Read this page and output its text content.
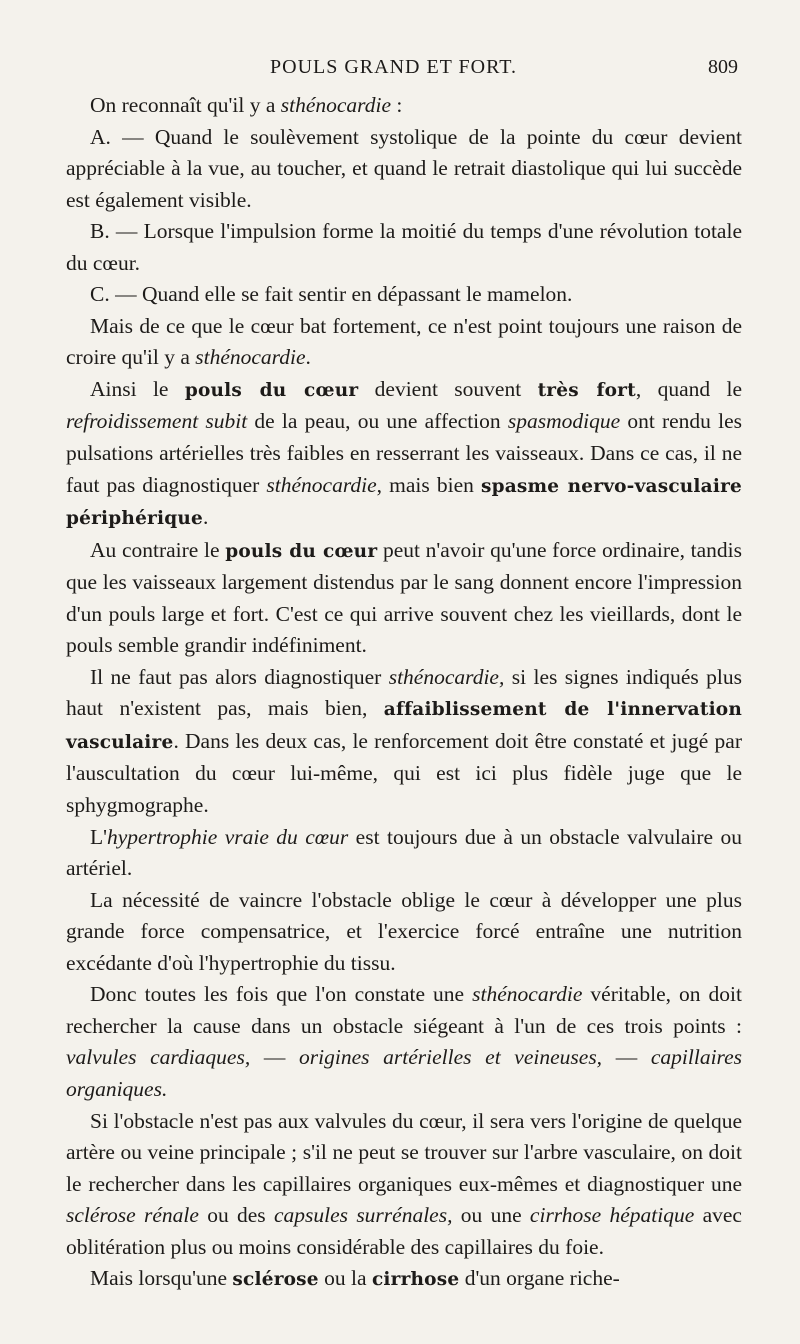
POULS GRAND ET FORT.	809

On reconnaît qu'il y a sthénocardie :

A. — Quand le soulèvement systolique de la pointe du cœur devient appréciable à la vue, au toucher, et quand le retrait diastolique qui lui succède est également visible.

B. — Lorsque l'impulsion forme la moitié du temps d'une révolution totale du cœur.

C. — Quand elle se fait sentir en dépassant le mamelon.

Mais de ce que le cœur bat fortement, ce n'est point toujours une raison de croire qu'il y a sthénocardie.

Ainsi le pouls du cœur devient souvent très fort, quand le refroidissement subit de la peau, ou une affection spasmodique ont rendu les pulsations artérielles très faibles en resserrant les vaisseaux. Dans ce cas, il ne faut pas diagnostiquer sthénocardie, mais bien spasme nervo-vasculaire périphérique.

Au contraire le pouls du cœur peut n'avoir qu'une force ordinaire, tandis que les vaisseaux largement distendus par le sang donnent encore l'impression d'un pouls large et fort. C'est ce qui arrive souvent chez les vieillards, dont le pouls semble grandir indéfiniment.

Il ne faut pas alors diagnostiquer sthénocardie, si les signes indiqués plus haut n'existent pas, mais bien, affaiblissement de l'innervation vasculaire. Dans les deux cas, le renforcement doit être constaté et jugé par l'auscultation du cœur lui-même, qui est ici plus fidèle juge que le sphygmographe.

L'hypertrophie vraie du cœur est toujours due à un obstacle valvulaire ou artériel.

La nécessité de vaincre l'obstacle oblige le cœur à développer une plus grande force compensatrice, et l'exercice forcé entraîne une nutrition excédante d'où l'hypertrophie du tissu.

Donc toutes les fois que l'on constate une sthénocardie véritable, on doit rechercher la cause dans un obstacle siégeant à l'un de ces trois points : valvules cardiaques, — origines artérielles et veineuses, — capillaires organiques.

Si l'obstacle n'est pas aux valvules du cœur, il sera vers l'origine de quelque artère ou veine principale ; s'il ne peut se trouver sur l'arbre vasculaire, on doit le rechercher dans les capillaires organiques eux-mêmes et diagnostiquer une sclérose rénale ou des capsules surrénales, ou une cirrhose hépatique avec oblitération plus ou moins considérable des capillaires du foie.

Mais lorsqu'une sclérose ou la cirrhose d'un organe riche-
